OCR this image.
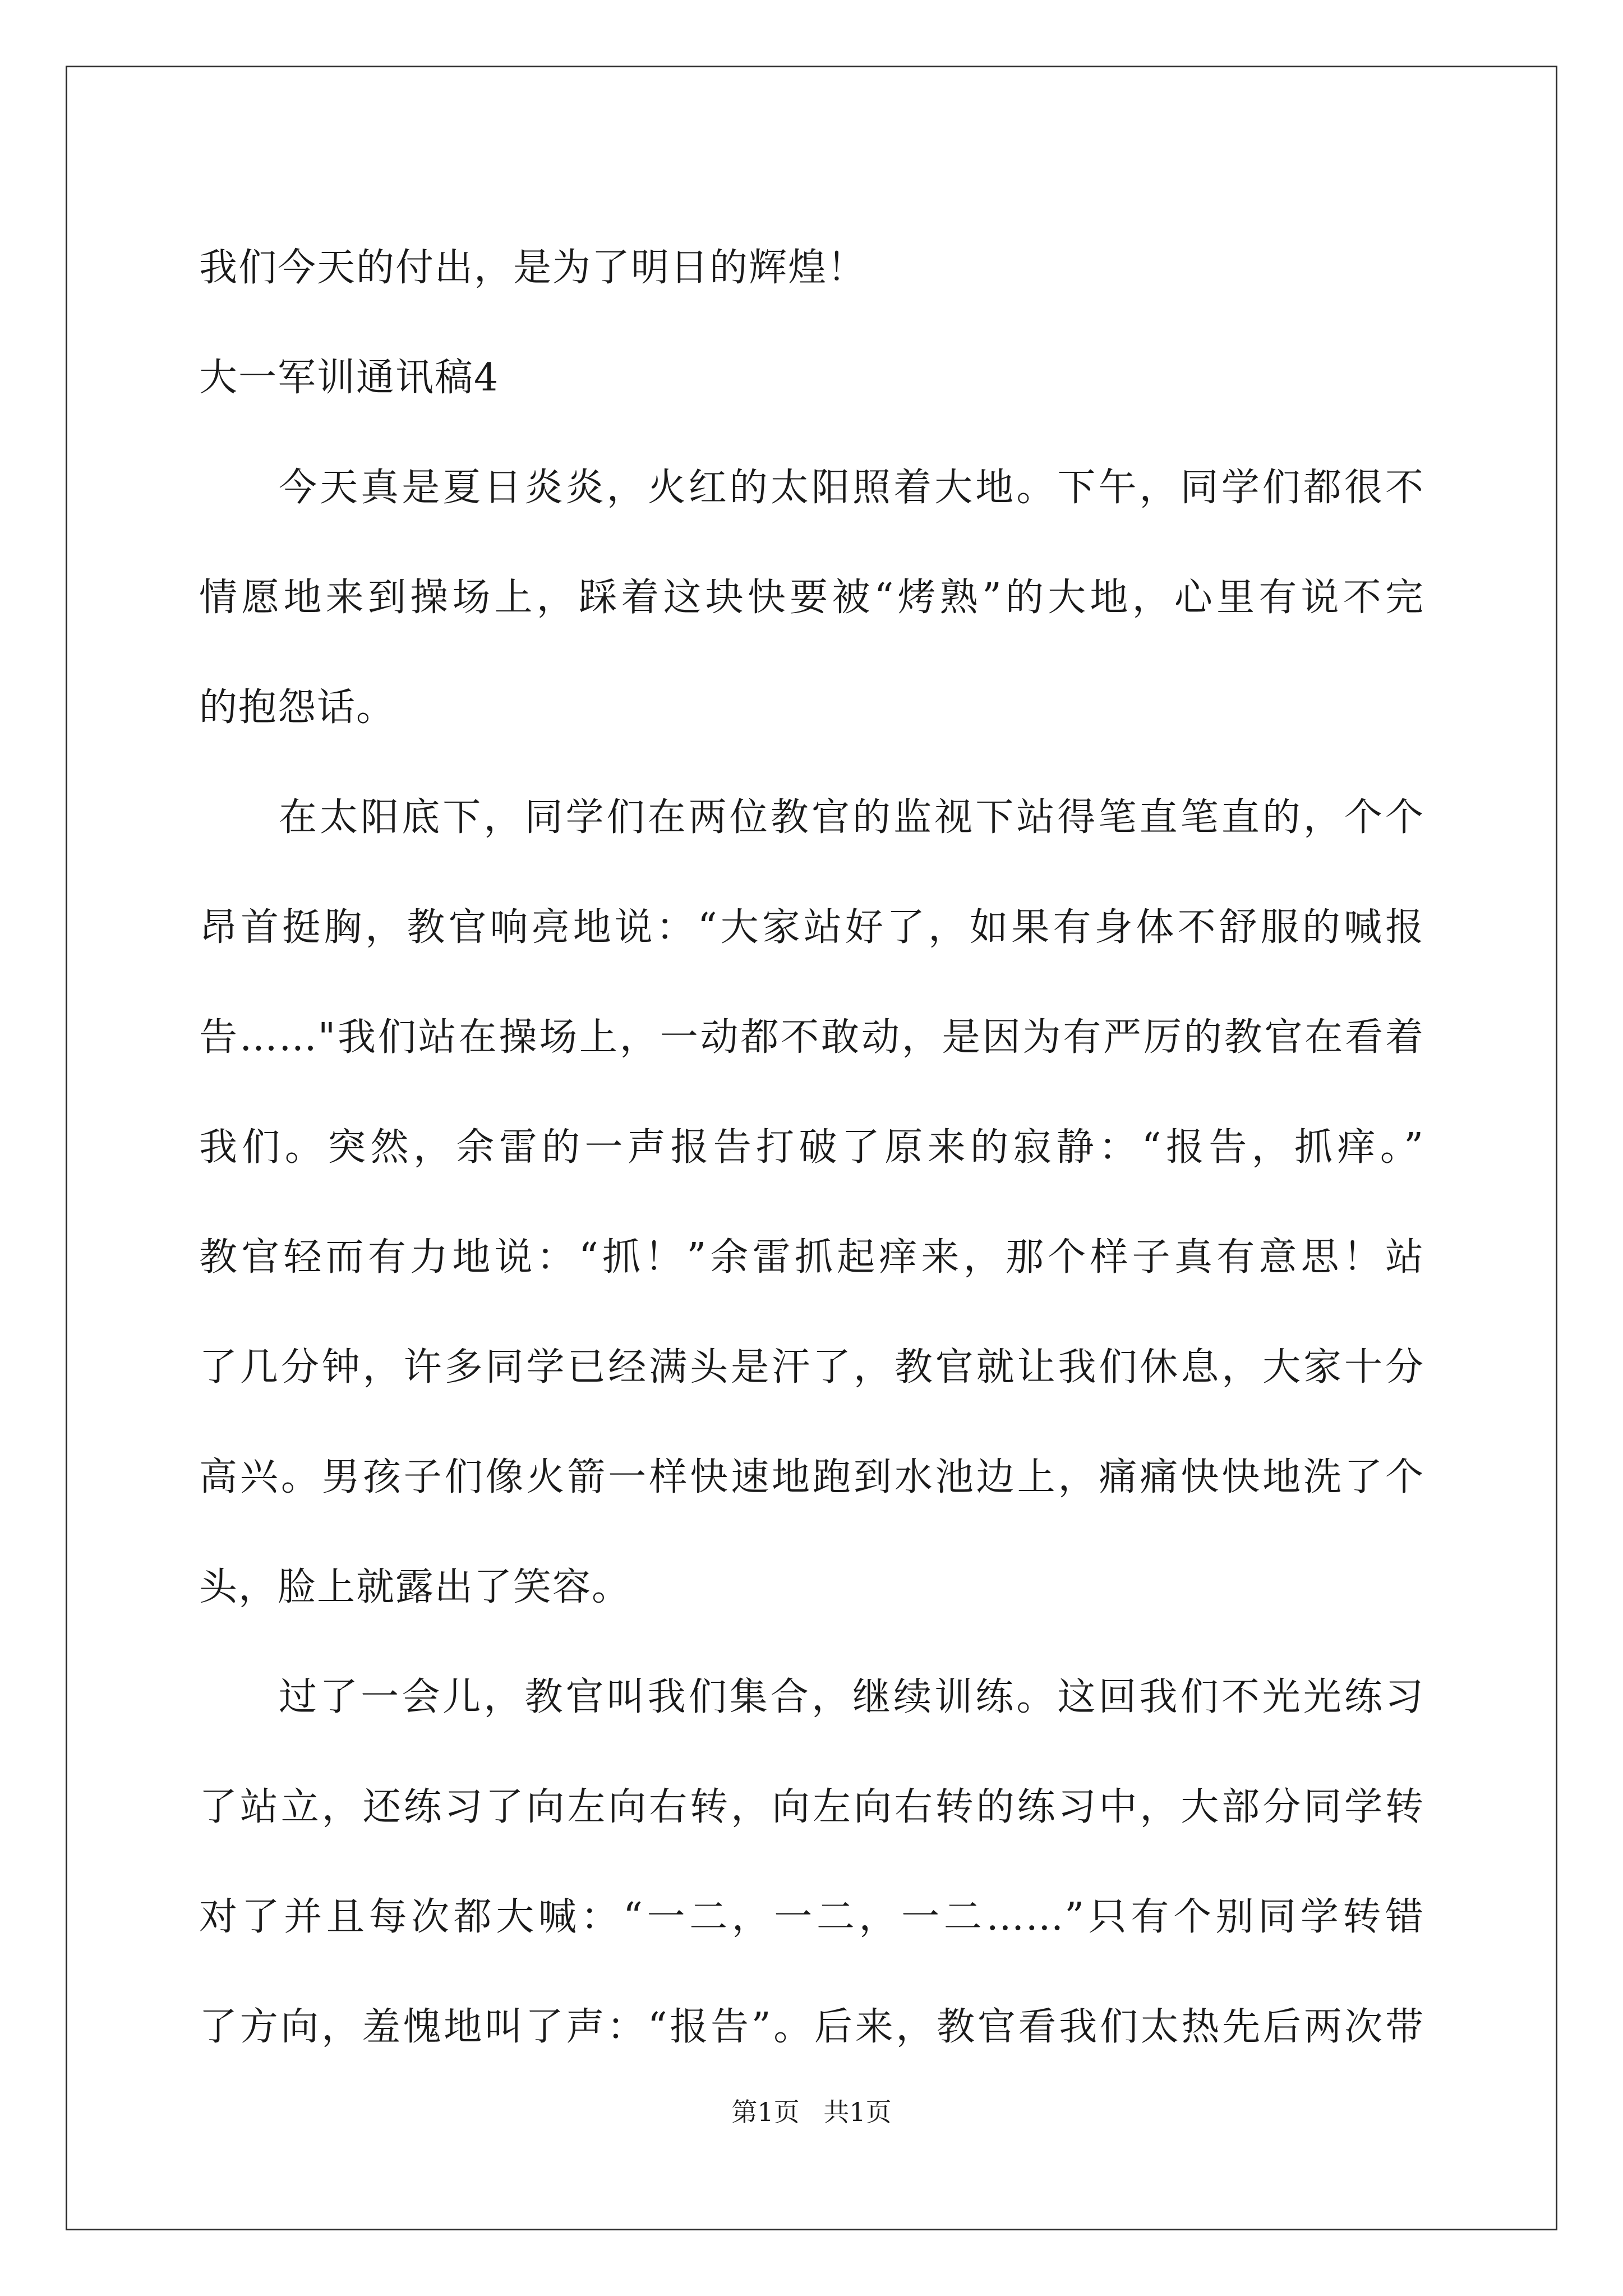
我们今天的付出，是为了明日的辉煌！
大一军训通讯稿4
今天真是夏日炎炎，火红的太阳照着大地。下午，同学们都很不
情愿地来到操场上，踩着这块快要被“烤熟”的大地，心里有说不完
的抱怨话。
在太阳底下，同学们在两位教官的监视下站得笔直笔直的，个个
昂首挺胸，教官响亮地说：“大家站好了，如果有身体不舒服的喊报
告……"我们站在操场上，一动都不敢动，是因为有严厉的教官在看着
我们。突然，余雷的一声报告打破了原来的寂静：“报告，抓痒。”
教官轻而有力地说：“抓！”余雷抓起痒来，那个样子真有意思！站
了几分钟，许多同学已经满头是汗了，教官就让我们休息，大家十分
高兴。男孩子们像火箭一样快速地跑到水池边上，痛痛快快地洗了个
头，脸上就露出了笑容。
过了一会儿，教官叫我们集合，继续训练。这回我们不光光练习
了站立，还练习了向左向右转，向左向右转的练习中，大部分同学转
对了并且每次都大喊：“一二，一二，一二……”只有个别同学转错
了方向，羞愧地叫了声：“报告”。后来，教官看我们太热先后两次带
第1页 共1页
